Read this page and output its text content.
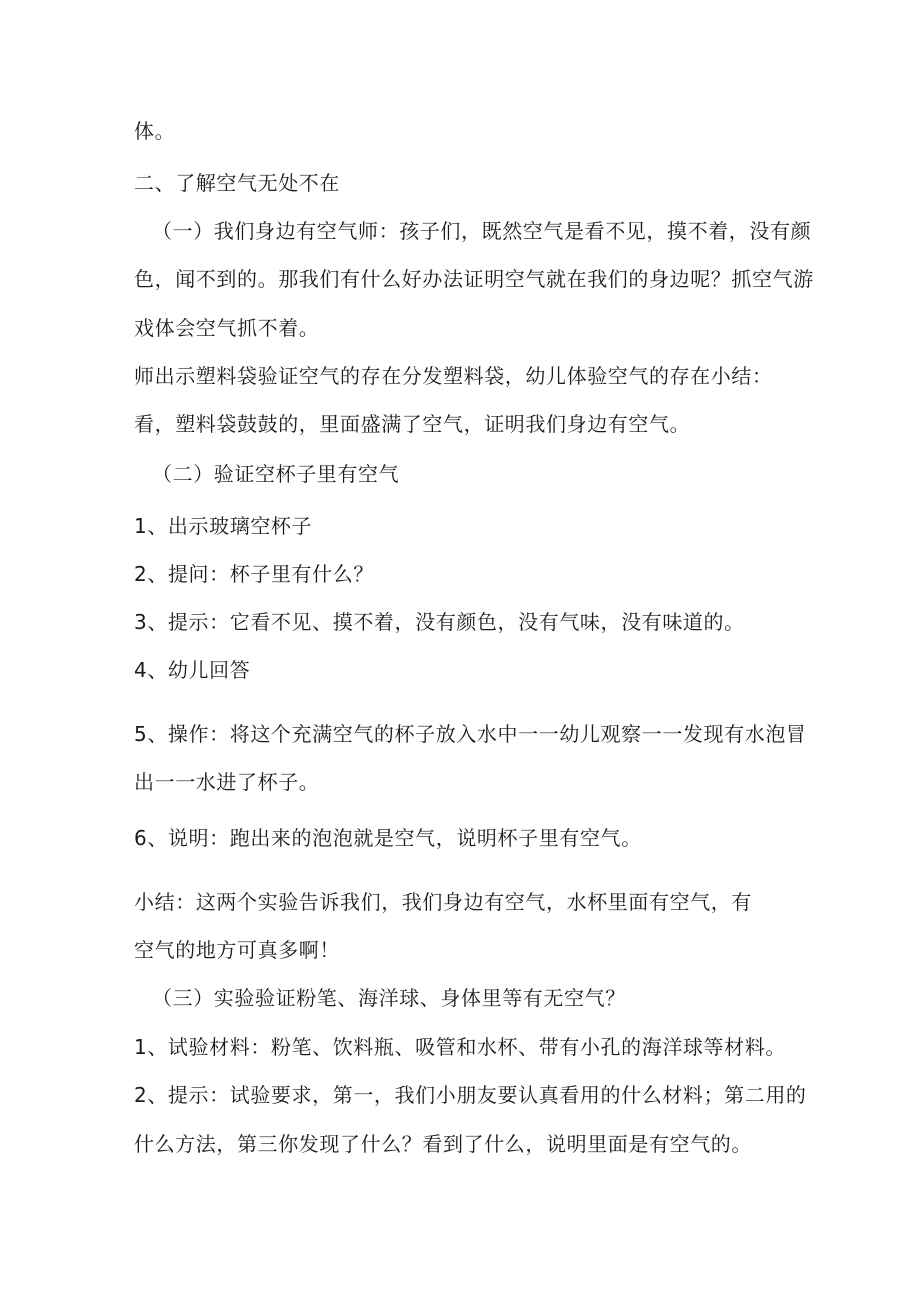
体。
二、了解空气无处不在
（一）我们身边有空气师：孩子们，既然空气是看不见，摸不着，没有颜
色，闻不到的。那我们有什么好办法证明空气就在我们的身边呢？抓空气游
戏体会空气抓不着。
师出示塑料袋验证空气的存在分发塑料袋，幼儿体验空气的存在小结：
看，塑料袋鼓鼓的，里面盛满了空气，证明我们身边有空气。
（二）验证空杯子里有空气
1、出示玻璃空杯子
2、提问：杯子里有什么？
3、提示：它看不见、摸不着，没有颜色，没有气味，没有味道的。
4、幼儿回答
5、操作：将这个充满空气的杯子放入水中一一幼儿观察一一发现有水泡冒
出一一水进了杯子。
6、说明：跑出来的泡泡就是空气，说明杯子里有空气。
小结：这两个实验告诉我们，我们身边有空气，水杯里面有空气，有
空气的地方可真多啊！
（三）实验验证粉笔、海洋球、身体里等有无空气？
1、试验材料：粉笔、饮料瓶、吸管和水杯、带有小孔的海洋球等材料。
2、提示：试验要求，第一，我们小朋友要认真看用的什么材料；第二用的
什么方法，第三你发现了什么？看到了什么，说明里面是有空气的。
